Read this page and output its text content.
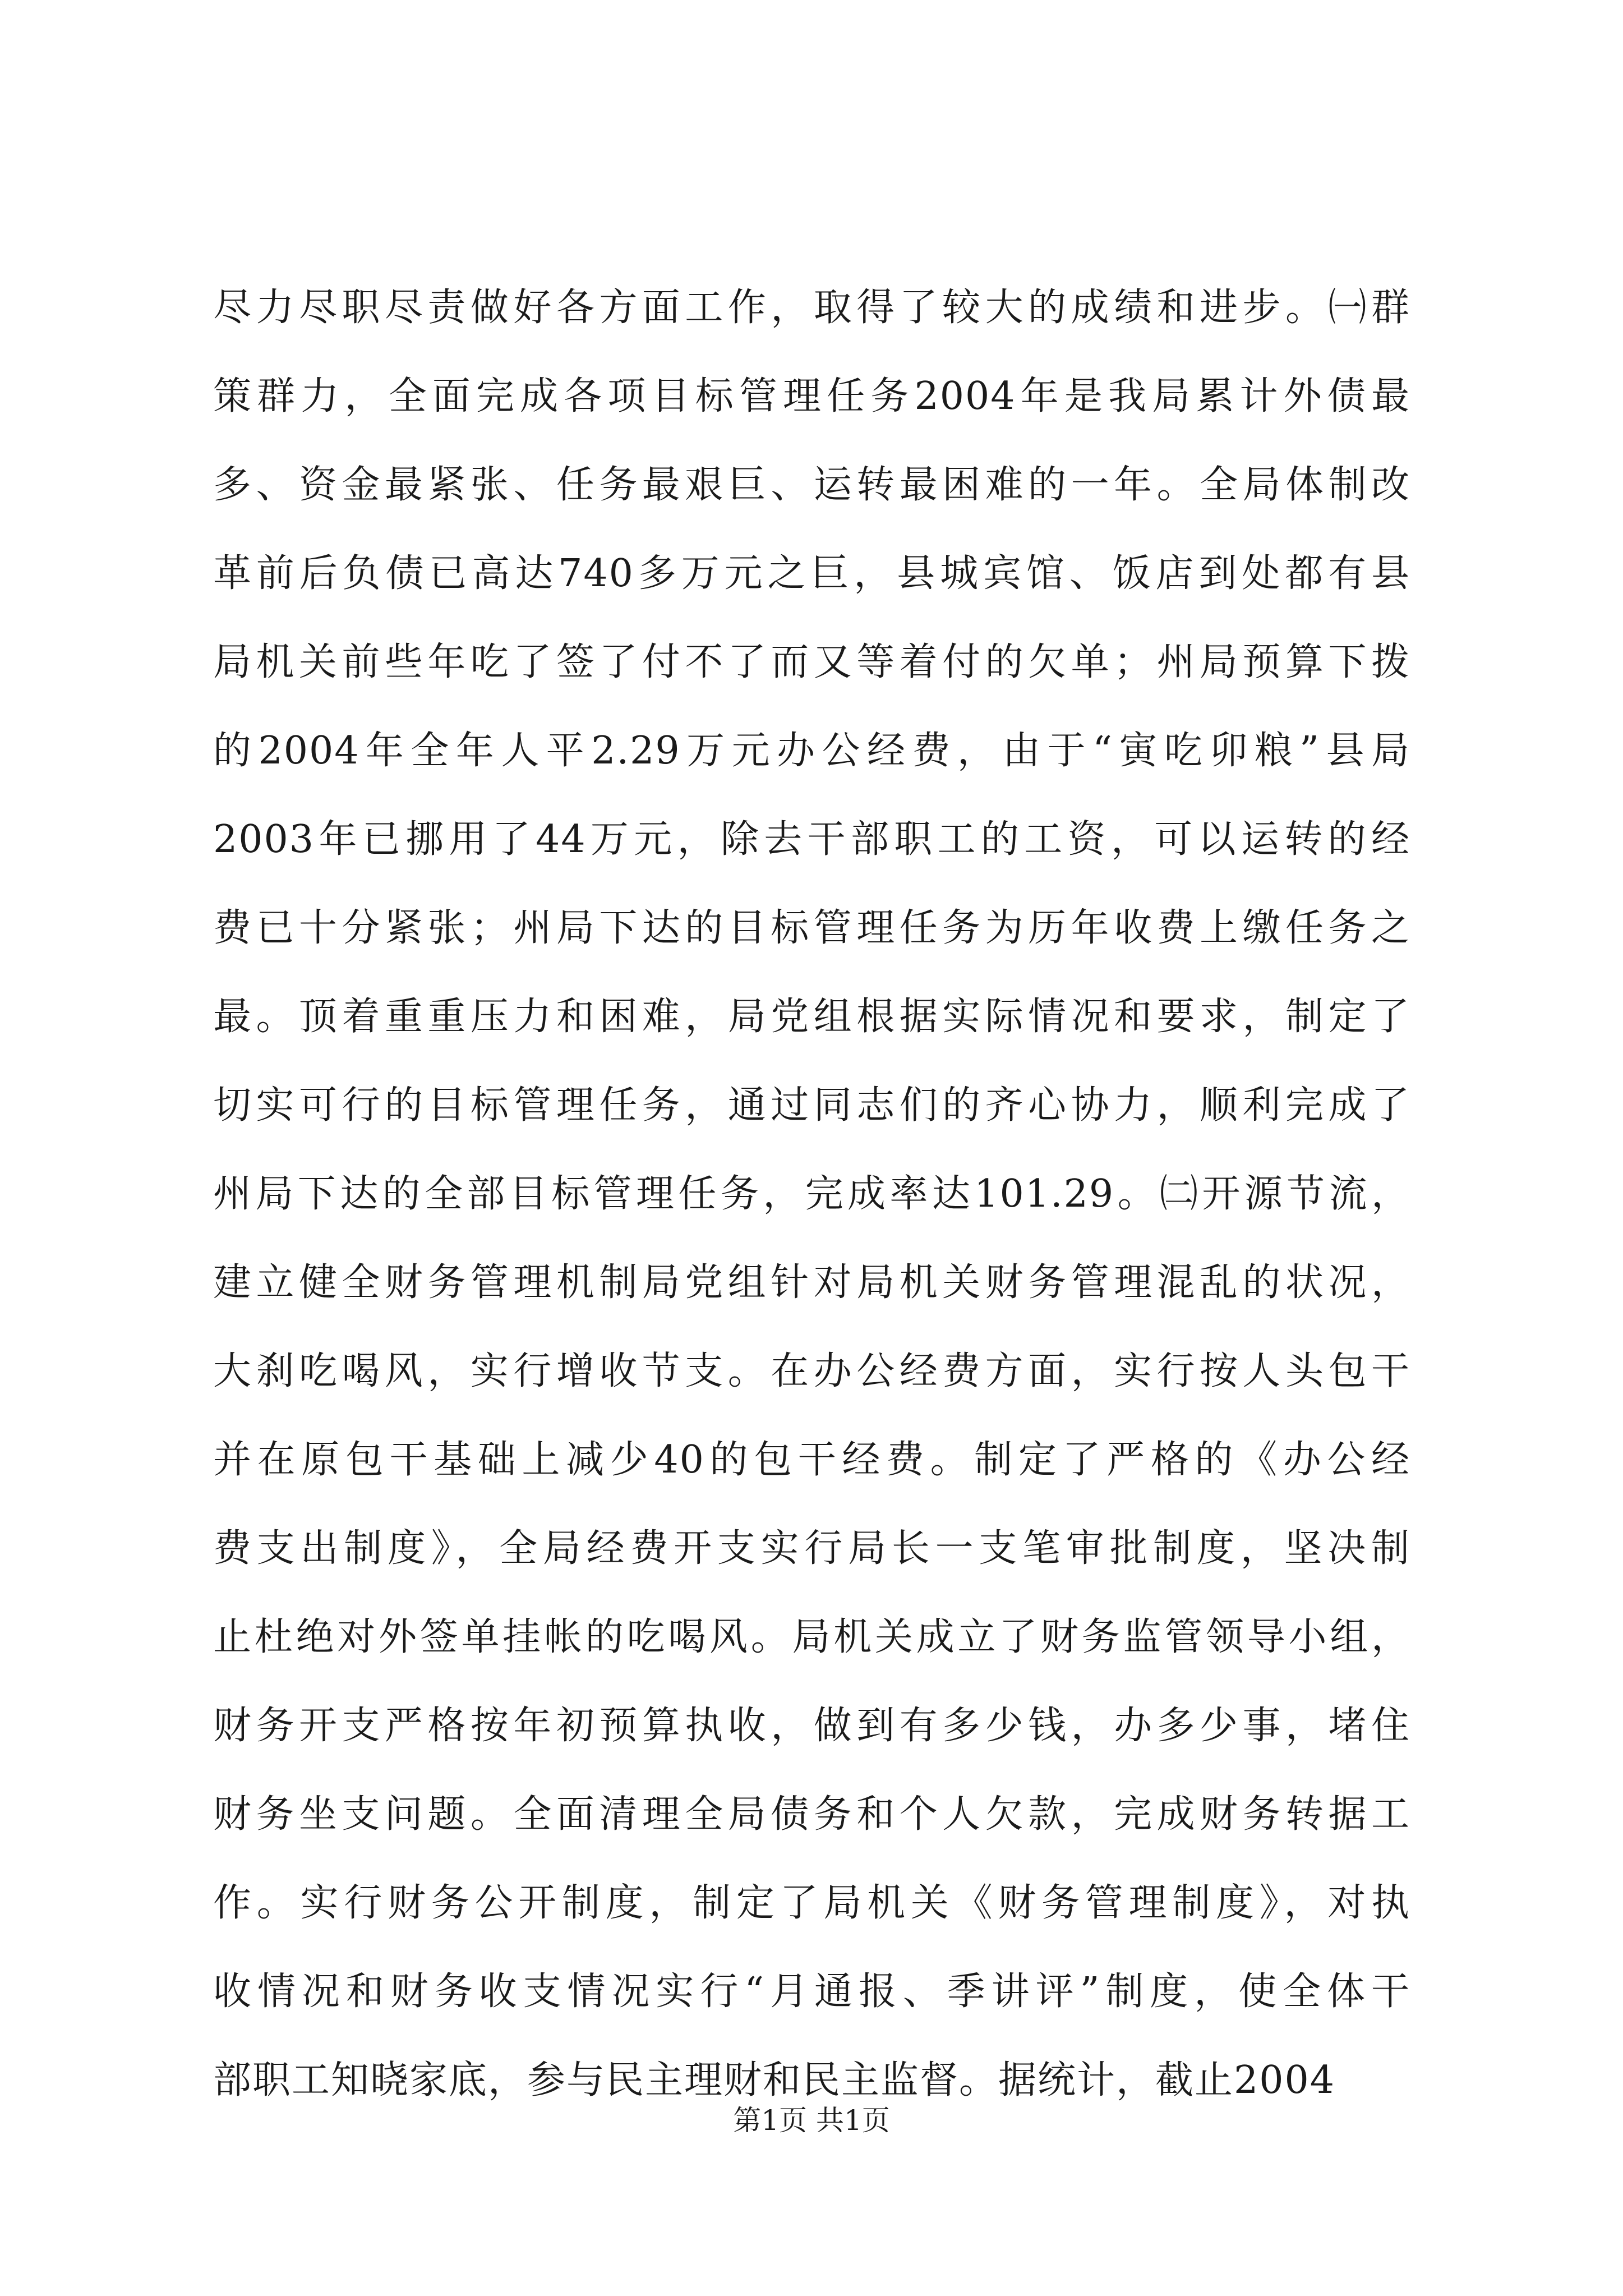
尽力尽职尽责做好各方面工作，取得了较大的成绩和进步。㈠群
策群力，全面完成各项目标管理任务2004年是我局累计外债最
多、资金最紧张、任务最艰巨、运转最困难的一年。全局体制改
革前后负债已高达740多万元之巨，县城宾馆、饭店到处都有县
局机关前些年吃了签了付不了而又等着付的欠单；州局预算下拨
的2004年全年人平2.29万元办公经费，由于“寅吃卯粮”县局
2003年已挪用了44万元，除去干部职工的工资，可以运转的经
费已十分紧张；州局下达的目标管理任务为历年收费上缴任务之
最。顶着重重压力和困难，局党组根据实际情况和要求，制定了
切实可行的目标管理任务，通过同志们的齐心协力，顺利完成了
州局下达的全部目标管理任务，完成率达101.29。㈡开源节流，
建立健全财务管理机制局党组针对局机关财务管理混乱的状况，
大刹吃喝风，实行增收节支。在办公经费方面，实行按人头包干
并在原包干基础上减少40的包干经费。制定了严格的《办公经
费支出制度》，全局经费开支实行局长一支笔审批制度，坚决制
止杜绝对外签单挂帐的吃喝风。局机关成立了财务监管领导小组，
财务开支严格按年初预算执收，做到有多少钱，办多少事，堵住
财务坐支问题。全面清理全局债务和个人欠款，完成财务转据工
作。实行财务公开制度，制定了局机关《财务管理制度》，对执
收情况和财务收支情况实行“月通报、季讲评”制度，使全体干
部职工知晓家底，参与民主理财和民主监督。据统计，截止2004
第1页 共1页
